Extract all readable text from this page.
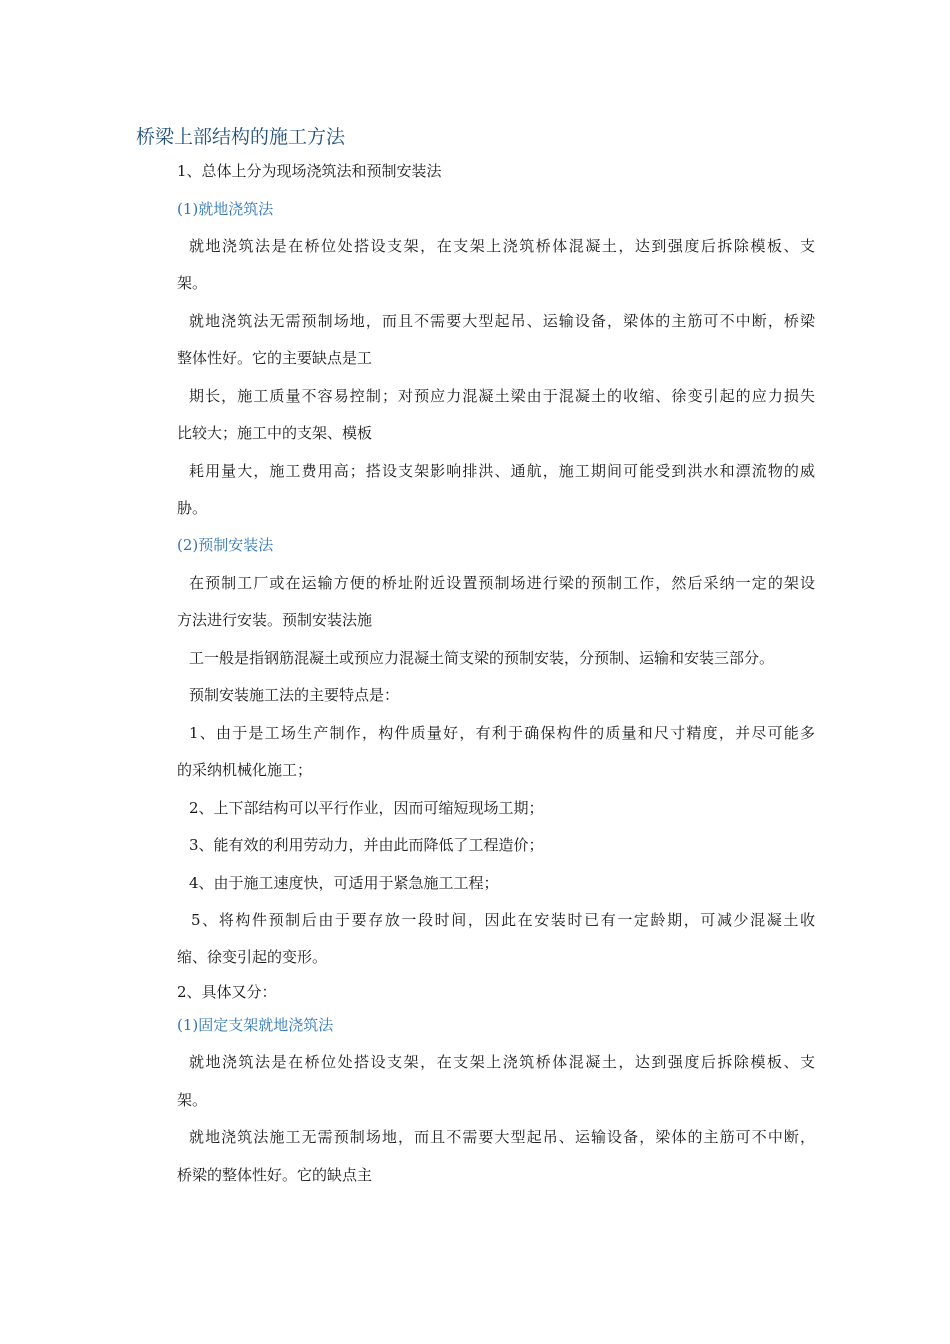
桥梁上部结构的施工方法
1、总体上分为现场浇筑法和预制安装法
(1)就地浇筑法
就地浇筑法是在桥位处搭设支架，在支架上浇筑桥体混凝土，达到强度后拆除模板、支
架。
就地浇筑法无需预制场地，而且不需要大型起吊、运输设备，梁体的主筋可不中断，桥梁
整体性好。它的主要缺点是工
期长，施工质量不容易控制；对预应力混凝土梁由于混凝土的收缩、徐变引起的应力损失
比较大；施工中的支架、模板
耗用量大，施工费用高；搭设支架影响排洪、通航，施工期间可能受到洪水和漂流物的威
胁。
(2)预制安装法
在预制工厂或在运输方便的桥址附近设置预制场进行梁的预制工作，然后采纳一定的架设
方法进行安装。预制安装法施
工一般是指钢筋混凝土或预应力混凝土简支梁的预制安装，分预制、运输和安装三部分。
预制安装施工法的主要特点是：
1、由于是工场生产制作，构件质量好，有利于确保构件的质量和尺寸精度，并尽可能多
的采纳机械化施工；
2、上下部结构可以平行作业，因而可缩短现场工期；
3、能有效的利用劳动力，并由此而降低了工程造价；
4、由于施工速度快，可适用于紧急施工工程；
5、将构件预制后由于要存放一段时间，因此在安装时已有一定龄期，可减少混凝土收
缩、徐变引起的变形。
2、具体又分：
(1)固定支架就地浇筑法
就地浇筑法是在桥位处搭设支架，在支架上浇筑桥体混凝土，达到强度后拆除模板、支
架。
就地浇筑法施工无需预制场地，而且不需要大型起吊、运输设备，梁体的主筋可不中断，
桥梁的整体性好。它的缺点主
